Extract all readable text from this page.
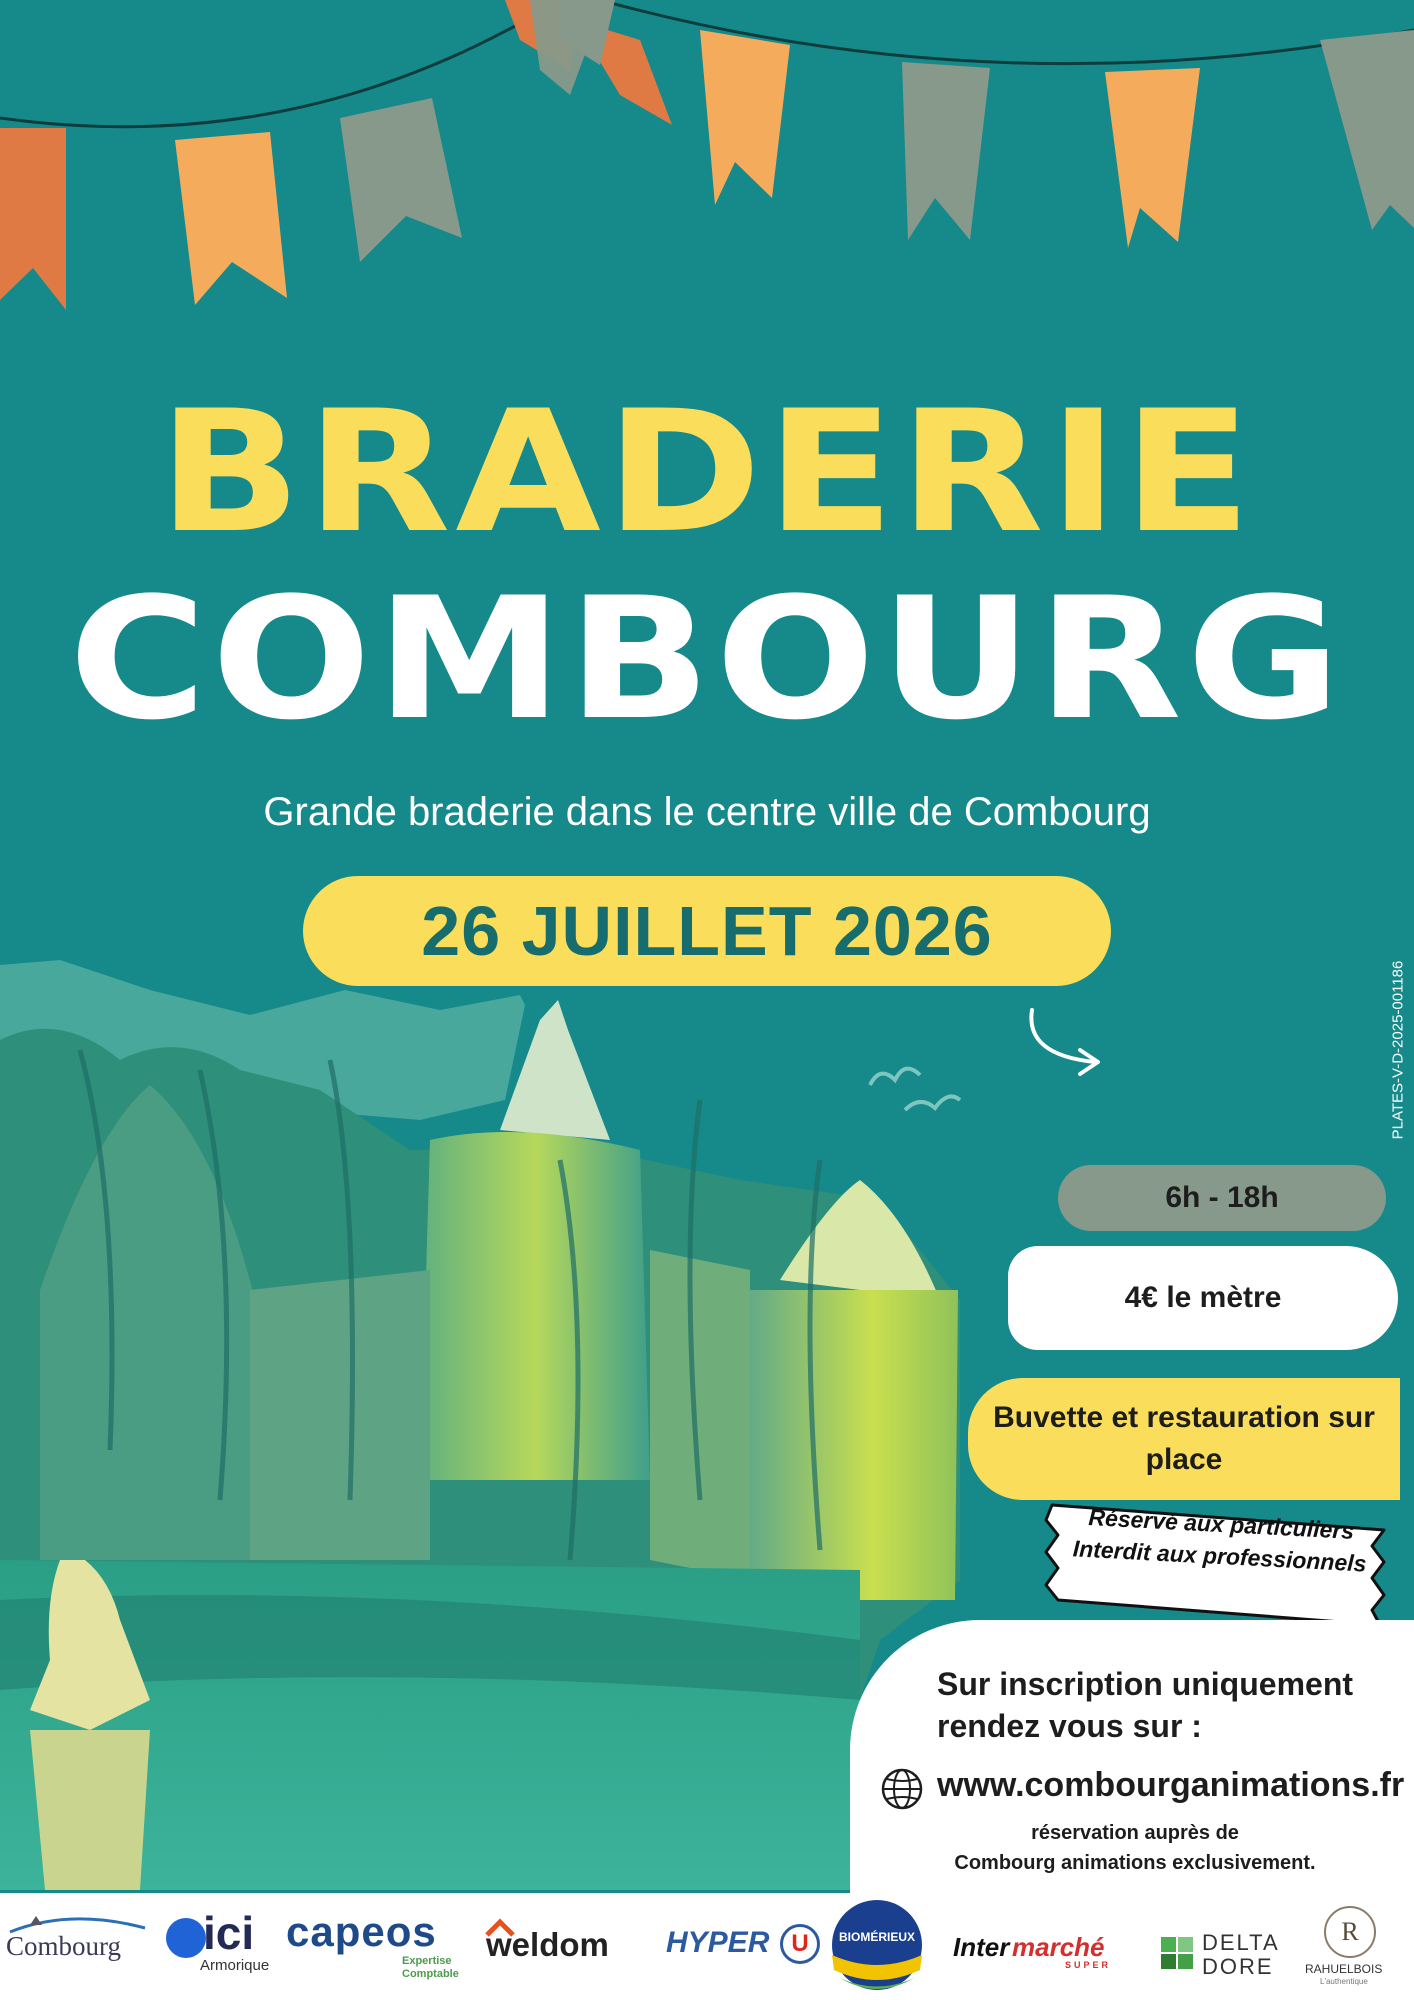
BRADERIE
COMBOURG
Grande braderie dans le centre ville de Combourg
26 JUILLET 2026
PLATES-V-D-2025-001186
6h - 18h
4€ le mètre
Buvette et restauration sur place
Réservé aux particuliers
Interdit aux professionnels
Sur inscription uniquement
rendez vous sur :
www.combourganimations.fr
réservation auprès de
Combourg animations exclusivement.
Combourg ici
Armorique
capeos
Expertise
Comptable
weldom HYPER U	BIOMÉRIEUX Inter marché
SUPER
DELTA
DORE
R
RAHUELBOIS
L'authentique
